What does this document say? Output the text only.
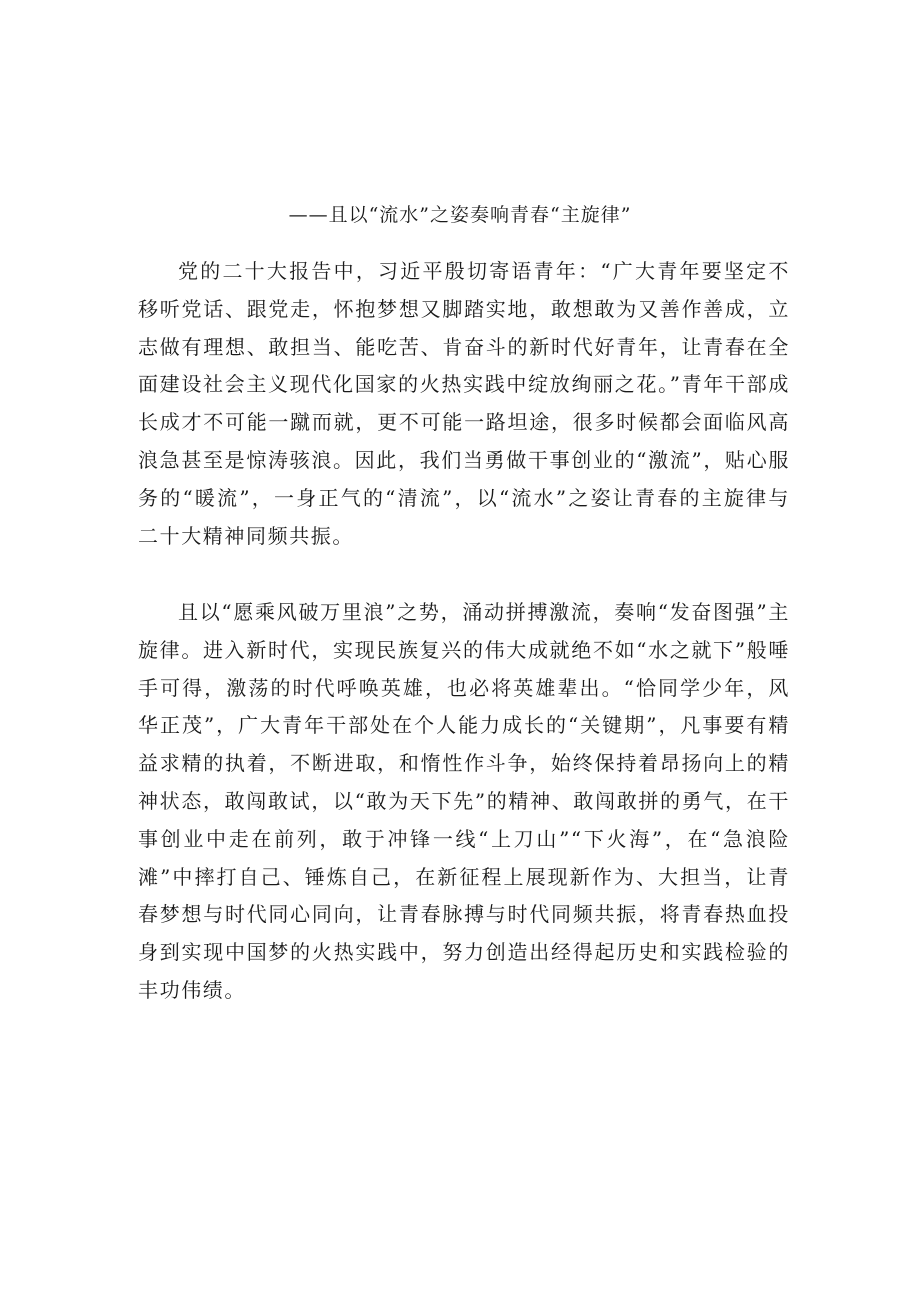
——且以“流水”之姿奏响青春“主旋律”

党的二十大报告中，习近平殷切寄语青年：“广大青年要坚定不移听党话、跟党走，怀抱梦想又脚踏实地，敢想敢为又善作善成，立志做有理想、敢担当、能吃苦、肯奋斗的新时代好青年，让青春在全面建设社会主义现代化国家的火热实践中绽放绚丽之花。”青年干部成长成才不可能一蹴而就，更不可能一路坦途，很多时候都会面临风高浪急甚至是惊涛骇浪。因此，我们当勇做干事创业的“激流”，贴心服务的“暖流”，一身正气的“清流”，以“流水”之姿让青春的主旋律与二十大精神同频共振。

且以“愿乘风破万里浪”之势，涌动拼搏激流，奏响“发奋图强”主旋律。进入新时代，实现民族复兴的伟大成就绝不如“水之就下”般唾手可得，激荡的时代呼唤英雄，也必将英雄辈出。“恰同学少年，风华正茂”，广大青年干部处在个人能力成长的“关键期”，凡事要有精益求精的执着，不断进取，和惰性作斗争，始终保持着昂扬向上的精神状态，敢闯敢试，以“敢为天下先”的精神、敢闯敢拼的勇气，在干事创业中走在前列，敢于冲锋一线“上刀山”“下火海”，在“急浪险滩”中摔打自己、锤炼自己，在新征程上展现新作为、大担当，让青春梦想与时代同心同向，让青春脉搏与时代同频共振，将青春热血投身到实现中国梦的火热实践中，努力创造出经得起历史和实践检验的丰功伟绩。
